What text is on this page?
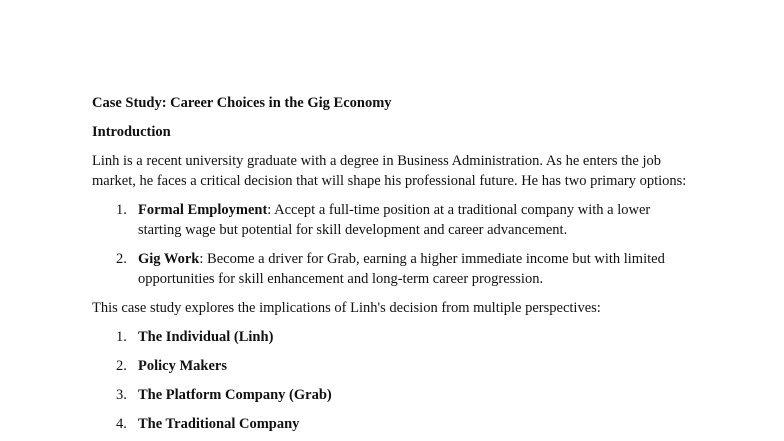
Case Study: Career Choices in the Gig Economy
Introduction

Linh is a recent university graduate with a degree in Business Administration. As he enters the job market, he faces a critical decision that will shape his professional future. He has two primary options:

1. Formal Employment: Accept a full-time position at a traditional company with a lower starting wage but potential for skill development and career advancement.
2. Gig Work: Become a driver for Grab, earning a higher immediate income but with limited opportunities for skill enhancement and long-term career progression.

This case study explores the implications of Linh's decision from multiple perspectives:

1. The Individual (Linh)
2. Policy Makers
3. The Platform Company (Grab)
4. The Traditional Company
